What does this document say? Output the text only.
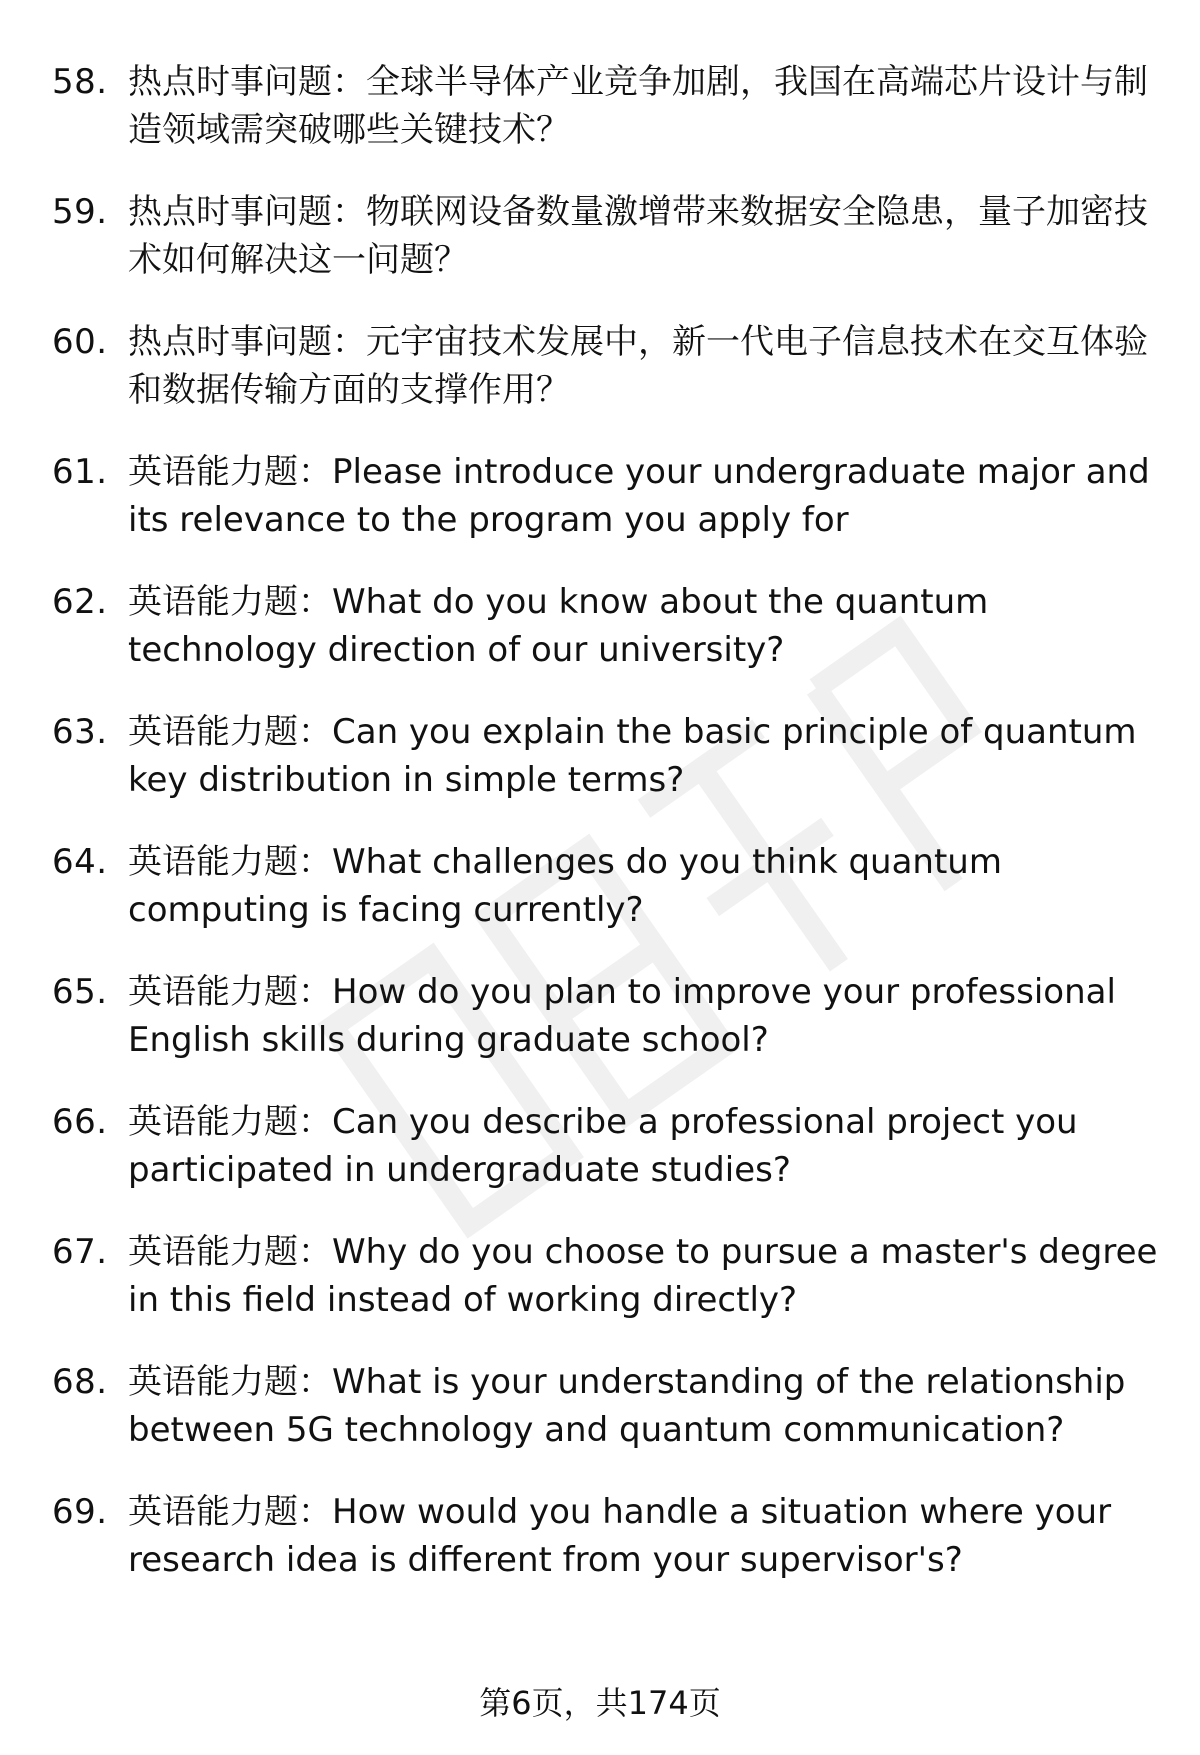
58. 热点时事问题：全球半导体产业竞争加剧，我国在高端芯片设计与制造领域需突破哪些关键技术？
59. 热点时事问题：物联网设备数量激增带来数据安全隐患，量子加密技术如何解决这一问题？
60. 热点时事问题：元宇宙技术发展中，新一代电子信息技术在交互体验和数据传输方面的支撑作用？
61. 英语能力题：Please introduce your undergraduate major and its relevance to the program you apply for
62. 英语能力题：What do you know about the quantum technology direction of our university?
63. 英语能力题：Can you explain the basic principle of quantum key distribution in simple terms?
64. 英语能力题：What challenges do you think quantum computing is facing currently?
65. 英语能力题：How do you plan to improve your professional English skills during graduate school?
66. 英语能力题：Can you describe a professional project you participated in undergraduate studies?
67. 英语能力题：Why do you choose to pursue a master's degree in this field instead of working directly?
68. 英语能力题：What is your understanding of the relationship between 5G technology and quantum communication?
69. 英语能力题：How would you handle a situation where your research idea is different from your supervisor's?
第6页，共174页
